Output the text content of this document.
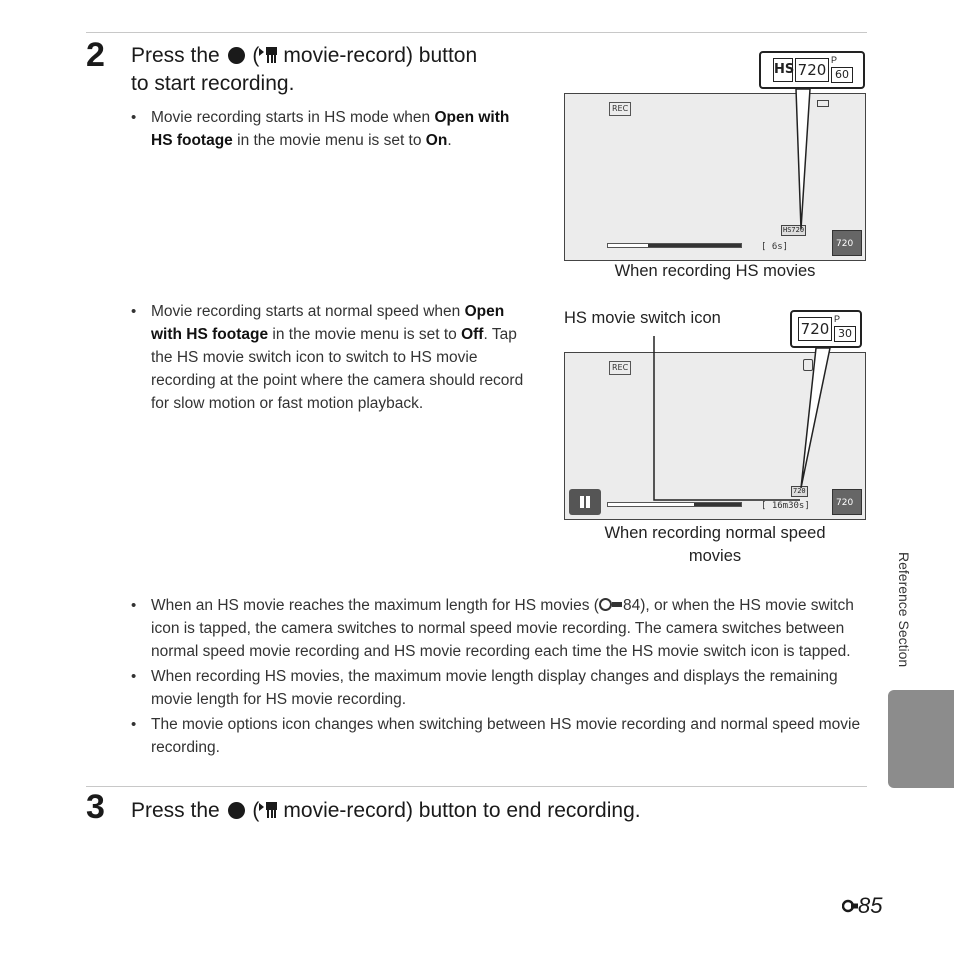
2 Press the ( movie-record) button
to start recording.
• Movie recording starts in HS mode when Open with HS footage in the movie menu is set to On.
REC
HS720
[ 6s]	720
HS 720
P
60
When recording HS movies
• Movie recording starts at normal speed when Open with HS footage in the movie menu is set to Off. Tap the HS movie switch icon to switch to HS movie recording at the point where the camera should record for slow motion or fast motion playback.
HS movie switch icon
REC
720
[ 16m30s]	720
720
P
30
When recording normal speed movies
• When an HS movie reaches the maximum length for HS movies ( 84), or when the HS movie switch icon is tapped, the camera switches to normal speed movie recording. The camera switches between normal speed movie recording and HS movie recording each time the HS movie switch icon is tapped.
• When recording HS movies, the maximum movie length display changes and displays the remaining movie length for HS movie recording.
• The movie options icon changes when switching between HS movie recording and normal speed movie recording.
3 Press the ( movie-record) button to end recording.
Reference Section
85
